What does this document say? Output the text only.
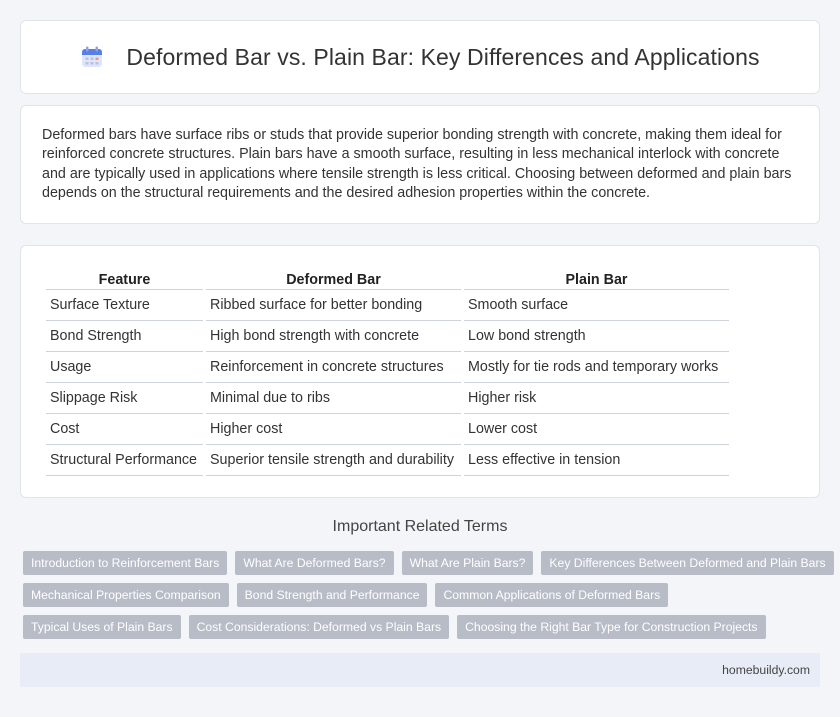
Deformed Bar vs. Plain Bar: Key Differences and Applications

Deformed bars have surface ribs or studs that provide superior bonding strength with concrete, making them ideal for reinforced concrete structures. Plain bars have a smooth surface, resulting in less mechanical interlock with concrete and are typically used in applications where tensile strength is less critical. Choosing between deformed and plain bars depends on the structural requirements and the desired adhesion properties within the concrete.

Feature	Deformed Bar	Plain Bar
Surface Texture	Ribbed surface for better bonding	Smooth surface
Bond Strength	High bond strength with concrete	Low bond strength
Usage	Reinforcement in concrete structures	Mostly for tie rods and temporary works
Slippage Risk	Minimal due to ribs	Higher risk
Cost	Higher cost	Lower cost
Structural Performance	Superior tensile strength and durability	Less effective in tension
Important Related Terms
Introduction to Reinforcement Bars	What Are Deformed Bars?	What Are Plain Bars?	Key Differences Between Deformed and Plain Bars
Mechanical Properties Comparison	Bond Strength and Performance	Common Applications of Deformed Bars
Typical Uses of Plain Bars	Cost Considerations: Deformed vs Plain Bars	Choosing the Right Bar Type for Construction Projects
homebuildy.com
